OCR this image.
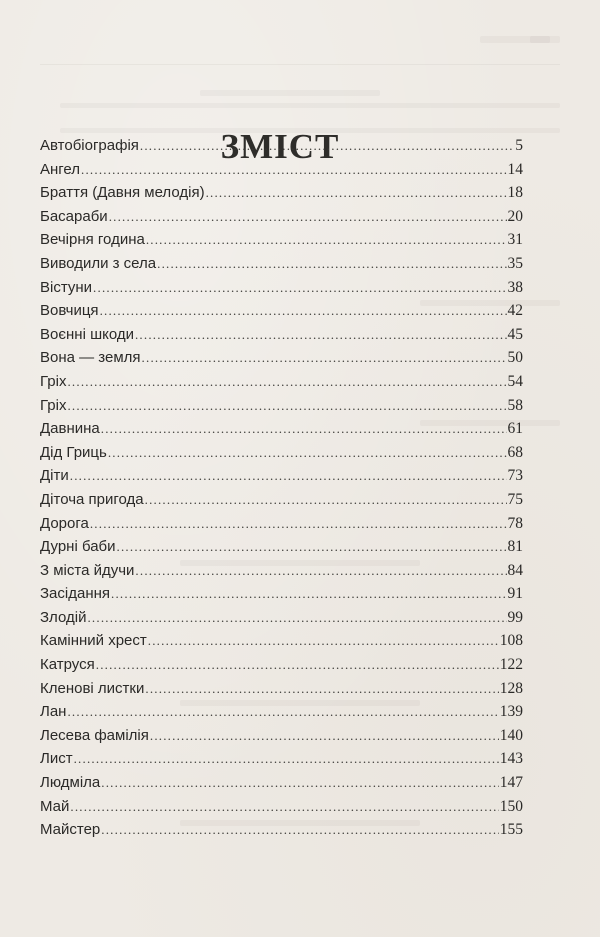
ЗМІСТ
Автобіографія .....	5
Ангел .....	14
Браття (Давня мелодія) .....	18
Басараби .....	20
Вечірня година .....	31
Виводили з села .....	35
Вістуни .....	38
Вовчиця .....	42
Воєнні шкоди .....	45
Вона — земля .....	50
Гріх .....	54
Гріх .....	58
Давнина .....	61
Дід Гриць .....	68
Діти .....	73
Діточа пригода .....	75
Дорога .....	78
Дурні баби .....	81
З міста йдучи .....	84
Засідання .....	91
Злодій .....	99
Камінний хрест .....	108
Катруся .....	122
Кленові листки .....	128
Лан .....	139
Лесева фамілія .....	140
Лист .....	143
Людміла .....	147
Май .....	150
Майстер .....	155
